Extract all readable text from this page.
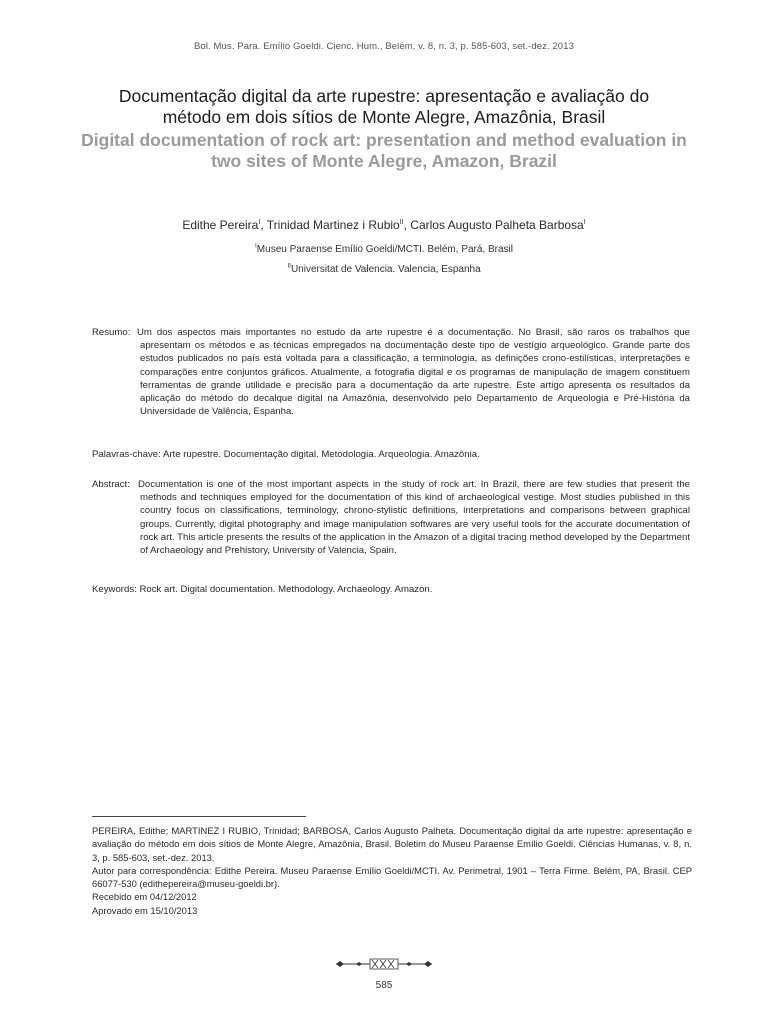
Bol. Mus. Para. Emílio Goeldi. Cienc. Hum., Belém, v. 8, n. 3, p. 585-603, set.-dez. 2013
Documentação digital da arte rupestre: apresentação e avaliação do método em dois sítios de Monte Alegre, Amazônia, Brasil
Digital documentation of rock art: presentation and method evaluation in two sites of Monte Alegre, Amazon, Brazil
Edithe Pereira$^I$, Trinidad Martinez i Rubio$^{II}$, Carlos Augusto Palheta Barbosa$^I$
$^I$Museu Paraense Emílio Goeldi/MCTI. Belém, Pará, Brasil
$^{II}$Universitat de Valencia. Valencia, Espanha
Resumo: Um dos aspectos mais importantes no estudo da arte rupestre é a documentação. No Brasil, são raros os trabalhos que apresentam os métodos e as técnicas empregados na documentação deste tipo de vestígio arqueológico. Grande parte dos estudos publicados no país está voltada para a classificação, a terminologia, as definições crono-estilísticas, interpretações e comparações entre conjuntos gráficos. Atualmente, a fotografia digital e os programas de manipulação de imagem constituem ferramentas de grande utilidade e precisão para a documentação da arte rupestre. Este artigo apresenta os resultados da aplicação do método do decalque digital na Amazônia, desenvolvido pelo Departamento de Arqueologia e Pré-História da Universidade de Valência, Espanha.
Palavras-chave: Arte rupestre. Documentação digital. Metodologia. Arqueologia. Amazônia.
Abstract: Documentation is one of the most important aspects in the study of rock art. In Brazil, there are few studies that present the methods and techniques employed for the documentation of this kind of archaeological vestige. Most studies published in this country focus on classifications, terminology, chrono-stylistic definitions, interpretations and comparisons between graphical groups. Currently, digital photography and image manipulation softwares are very useful tools for the accurate documentation of rock art. This article presents the results of the application in the Amazon of a digital tracing method developed by the Department of Archaeology and Prehistory, University of Valencia, Spain.
Keywords: Rock art. Digital documentation. Methodology. Archaeology. Amazon.

PEREIRA, Edithe; MARTINEZ I RUBIO, Trinidad; BARBOSA, Carlos Augusto Palheta. Documentação digital da arte rupestre: apresentação e avaliação do método em dois sítios de Monte Alegre, Amazônia, Brasil. Boletim do Museu Paraense Emílio Goeldi. Ciências Humanas, v. 8, n. 3, p. 585-603, set.-dez. 2013.

Autor para correspondência: Edithe Pereira. Museu Paraense Emílio Goeldi/MCTI. Av. Perimetral, 1901 – Terra Firme. Belém, PA, Brasil. CEP 66077-530 (edithepereira@museu-goeldi.br).

Recebido em 04/12/2012

Aprovado em 15/10/2013

585
